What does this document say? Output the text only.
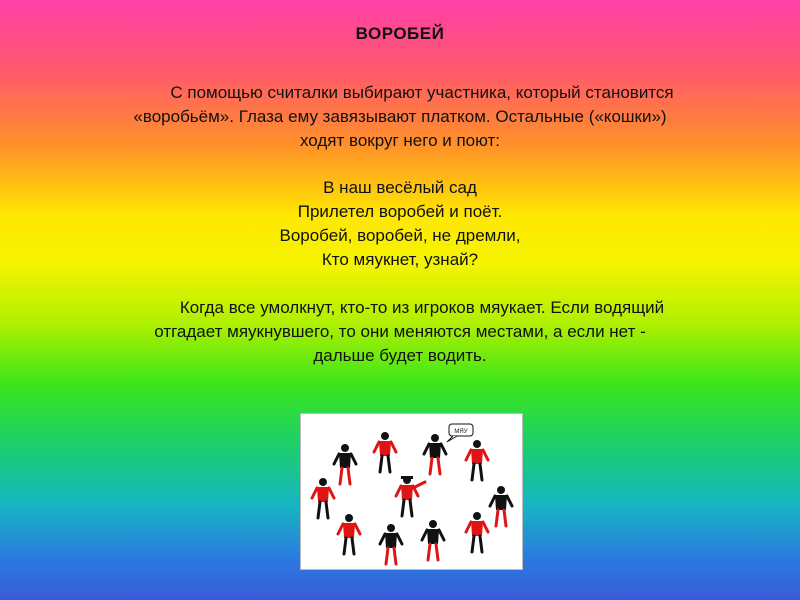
ВОРОБЕЙ
С помощью считалки выбирают участника, который становится
«воробьём». Глаза ему завязывают платком. Остальные («кошки»)
ходят вокруг него и поют:
В наш весёлый сад
Прилетел воробей и поёт.
Воробей, воробей, не дремли,
Кто мяукнет, узнай?
Когда все умолкнут, кто-то из игроков мяукает. Если водящий
отгадает мяукнувшего, то они меняются местами, а если нет -
дальше будет водить.
МЯУ
